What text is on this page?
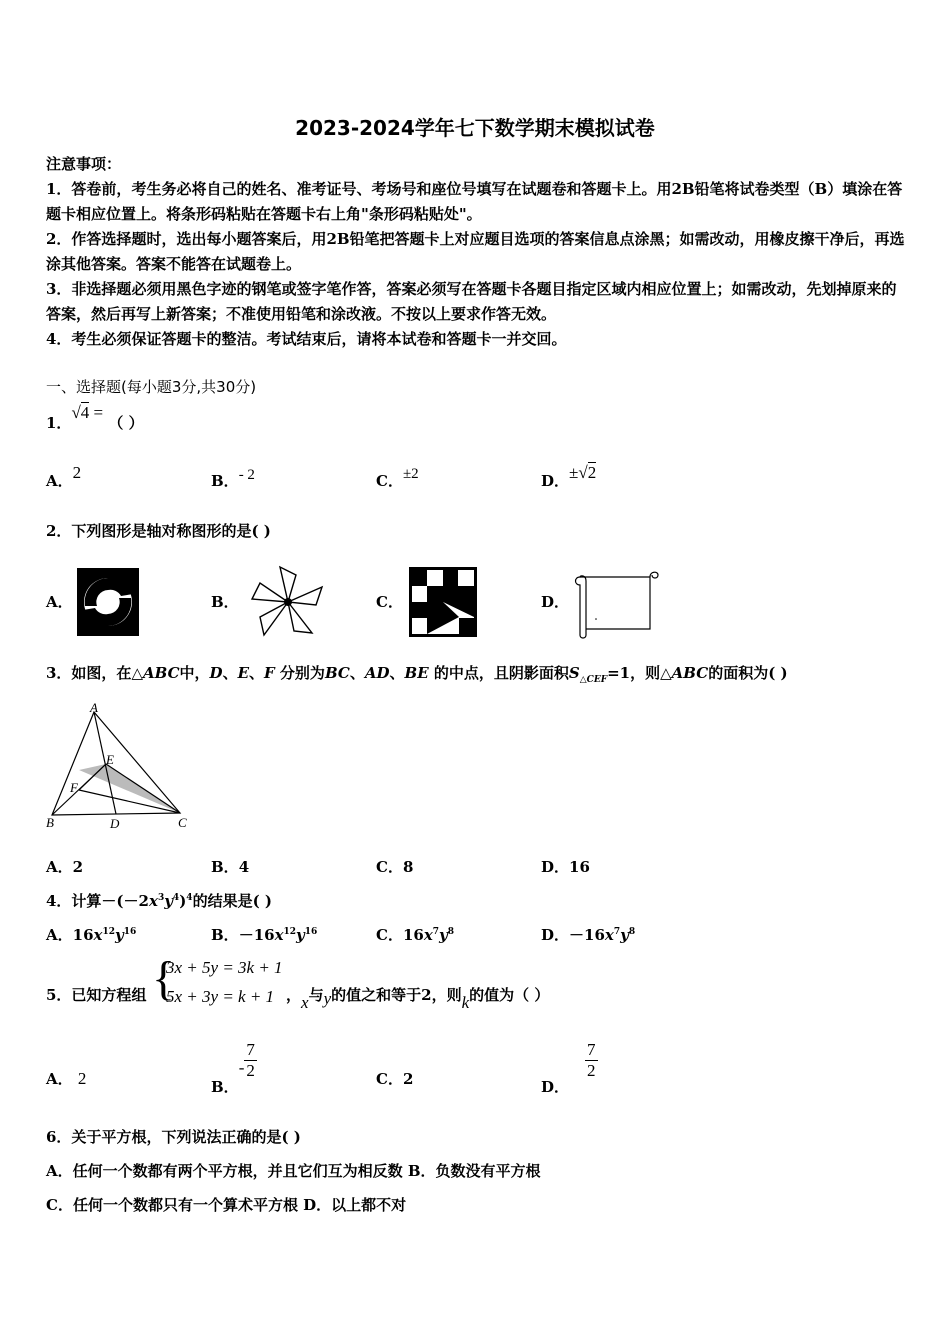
2023-2024学年七下数学期末模拟试卷

注意事项：

1．答卷前，考生务必将自己的姓名、准考证号、考场号和座位号填写在试题卷和答题卡上。用2B铅笔将试卷类型（B）填涂在答题卡相应位置上。将条形码粘贴在答题卡右上角"条形码粘贴处"。

2．作答选择题时，选出每小题答案后，用2B铅笔把答题卡上对应题目选项的答案信息点涂黑；如需改动，用橡皮擦干净后，再选涂其他答案。答案不能答在试题卷上。

3．非选择题必须用黑色字迹的钢笔或签字笔作答，答案必须写在答题卡各题目指定区域内相应位置上；如需改动，先划掉原来的答案，然后再写上新答案；不准使用铅笔和涂改液。不按以上要求作答无效。

4．考生必须保证答题卡的整洁。考试结束后，请将本试卷和答题卡一并交回。

一、选择题(每小题3分,共30分)
1．√4 = （ ）
A．2	B．- 2	C．±2	D．±√2
2．下列图形是轴对称图形的是( )
A．	B．	C．	D．
3．如图，在△ABC中，D、E、F 分别为BC、AD、BE 的中点，且阴影面积$S_{\triangle CEF}=1$，则△ABC的面积为( )
A
B	C
D
E
F
A．2	B．4	C．8	D．16
4．计算$-(-2x^3y^4)^4$的结果是( )
A．$16x^{12}y^{16}$	B．$-16x^{12}y^{16}$	C．$16x^7y^8$	D．$-16x^7y^8$
5．已知方程组 {
3x + 5y = 3k + 1
5x + 3y = k + 1 ，x与y的值之和等于2，则k的值为（ ）
A． 2	B．- $\frac{7}{2}$	C．2	D．
$\frac{7}{2}$
6．关于平方根，下列说法正确的是( )
A．任何一个数都有两个平方根，并且它们互为相反数 B．负数没有平方根
C．任何一个数都只有一个算术平方根 D．以上都不对
